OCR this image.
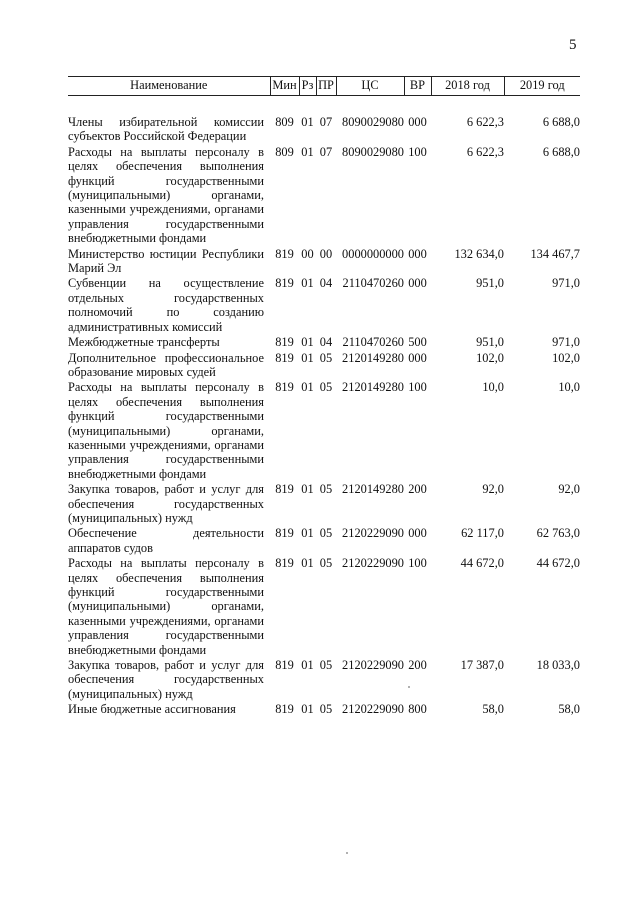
5
Наименование	Мин	Рз	ПР	ЦС	ВР	2018 год	2019 год
Члены избирательной комиссии субъектов Российской Федерации	809	01	07	8090029080	000	6 622,3	6 688,0
Расходы на выплаты персоналу в целях обеспечения выполнения функций государственными (муниципальными) органами, казенными учреждениями, органами управления государственными внебюджетными фондами	809	01	07	8090029080	100	6 622,3	6 688,0
Министерство юстиции Республики Марий Эл	819	00	00	0000000000	000	132 634,0	134 467,7
Субвенции на осуществление отдельных государственных полномочий по созданию административных комиссий	819	01	04	2110470260	000	951,0	971,0
Межбюджетные трансферты	819	01	04	2110470260	500	951,0	971,0
Дополнительное профессиональное образование мировых судей	819	01	05	2120149280	000	102,0	102,0
Расходы на выплаты персоналу в целях обеспечения выполнения функций государственными (муниципальными) органами, казенными учреждениями, органами управления государственными внебюджетными фондами	819	01	05	2120149280	100	10,0	10,0
Закупка товаров, работ и услуг для обеспечения государственных (муниципальных) нужд	819	01	05	2120149280	200	92,0	92,0
Обеспечение деятельности аппаратов судов	819	01	05	2120229090	000	62 117,0	62 763,0
Расходы на выплаты персоналу в целях обеспечения выполнения функций государственными (муниципальными) органами, казенными учреждениями, органами управления государственными внебюджетными фондами	819	01	05	2120229090	100	44 672,0	44 672,0
Закупка товаров, работ и услуг для обеспечения государственных (муниципальных) нужд	819	01	05	2120229090	200	17 387,0	18 033,0
Иные бюджетные ассигнования	819	01	05	2120229090	800	58,0	58,0
